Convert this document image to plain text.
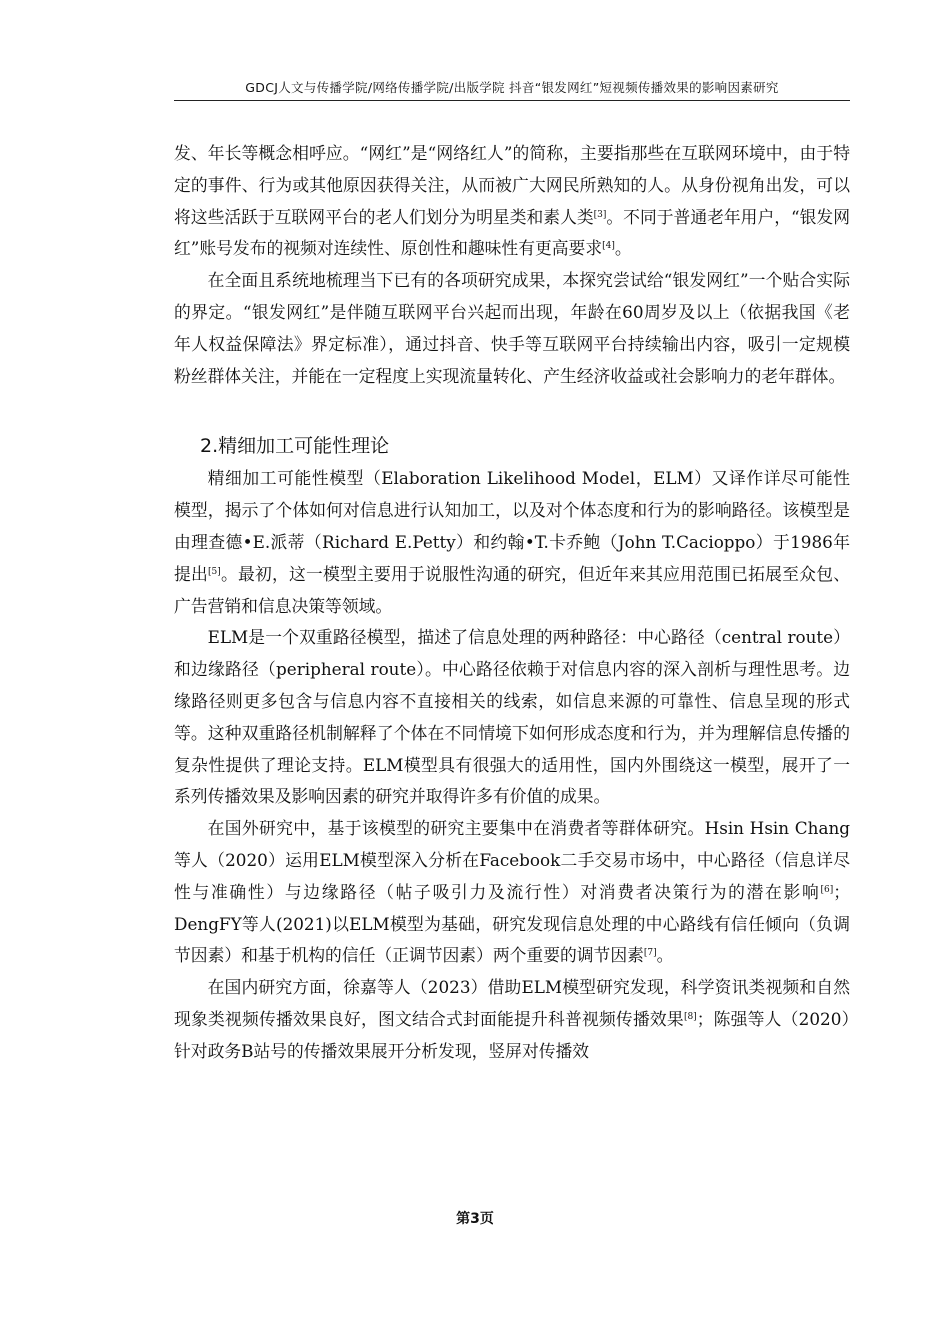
GDCJ人文与传播学院/网络传播学院/出版学院 抖音“银发网红”短视频传播效果的影响因素研究

发、年长等概念相呼应。“网红”是“网络红人”的简称，主要指那些在互联网环境中，由于特定的事件、行为或其他原因获得关注，从而被广大网民所熟知的人。从身份视角出发，可以将这些活跃于互联网平台的老人们划分为明星类和素人类[3]。不同于普通老年用户，“银发网红”账号发布的视频对连续性、原创性和趣味性有更高要求[4]。

在全面且系统地梳理当下已有的各项研究成果，本探究尝试给“银发网红”一个贴合实际的界定。“银发网红”是伴随互联网平台兴起而出现，年龄在60周岁及以上（依据我国《老年人权益保障法》界定标准），通过抖音、快手等互联网平台持续输出内容，吸引一定规模粉丝群体关注，并能在一定程度上实现流量转化、产生经济收益或社会影响力的老年群体。

2.精细加工可能性理论

精细加工可能性模型（Elaboration Likelihood Model，ELM）又译作详尽可能性模型，揭示了个体如何对信息进行认知加工，以及对个体态度和行为的影响路径。该模型是由理查德•E.派蒂（Richard E.Petty）和约翰•T.卡乔鲍（John T.Cacioppo）于1986年提出[5]。最初，这一模型主要用于说服性沟通的研究，但近年来其应用范围已拓展至众包、广告营销和信息决策等领域。

ELM是一个双重路径模型，描述了信息处理的两种路径：中心路径（central route）和边缘路径（peripheral route）。中心路径依赖于对信息内容的深入剖析与理性思考。边缘路径则更多包含与信息内容不直接相关的线索，如信息来源的可靠性、信息呈现的形式等。这种双重路径机制解释了个体在不同情境下如何形成态度和行为，并为理解信息传播的复杂性提供了理论支持。ELM模型具有很强大的适用性，国内外围绕这一模型，展开了一系列传播效果及影响因素的研究并取得许多有价值的成果。

在国外研究中，基于该模型的研究主要集中在消费者等群体研究。Hsin Hsin Chang等人（2020）运用ELM模型深入分析在Facebook二手交易市场中，中心路径（信息详尽性与准确性）与边缘路径（帖子吸引力及流行性）对消费者决策行为的潜在影响[6]；DengFY等人(2021)以ELM模型为基础，研究发现信息处理的中心路线有信任倾向（负调节因素）和基于机构的信任（正调节因素）两个重要的调节因素[7]。

在国内研究方面，徐嘉等人（2023）借助ELM模型研究发现，科学资讯类视频和自然现象类视频传播效果良好，图文结合式封面能提升科普视频传播效果[8]；陈强等人（2020）针对政务B站号的传播效果展开分析发现，竖屏对传播效

第3页
